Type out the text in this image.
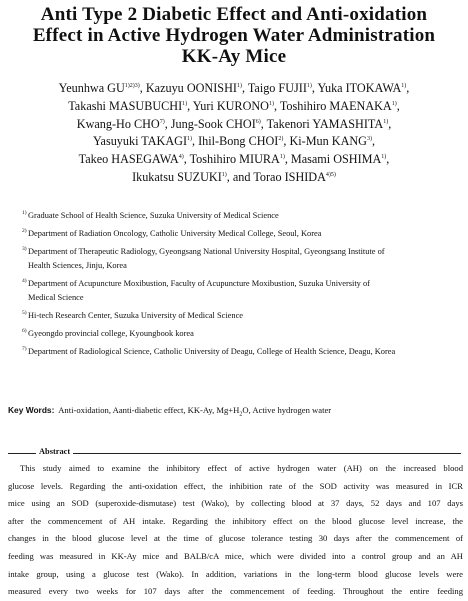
Anti Type 2 Diabetic Effect and Anti-oxidation
Effect in Active Hydrogen Water Administration
KK-Ay Mice
Yeunhwa $GU^{1)2)3)}$, Kazuyu OONISHI$^{1)}$, Taigo FUJII$^{1)}$, Yuka ITOKAWA$^{1)}$,
Takashi MASUBUCHI$^{1)}$, Yuri KURONO$^{1)}$, Toshihiro MAENAKA$^{1)}$,
Kwang-Ho CHO$^{7)}$, Jung-Sook CHOI$^{6)}$, Takenori YAMASHITA$^{1)}$,
Yasuyuki TAKAGI$^{1)}$, Ihil-Bong CHOI$^{2)}$, Ki-Mun KANG$^{3)}$,
Takeo HASEGAWA$^{4)}$, Toshihiro MIURA$^{1)}$, Masami OSHIMA$^{1)}$,
Ikukatsu SUZUKI$^{1)}$, and Torao $ISHIDA^{4)5)}$
1) Graduate School of Health Science, Suzuka University of Medical Science
2) Department of Radiation Oncology, Catholic University Medical College, Seoul, Korea
3) Department of Therapeutic Radiology, Gyeongsang National University Hospital, Gyeongsang Institute of
Health Sciences, Jinju, Korea
4) Department of Acupuncture Moxibustion, Faculty of Acupuncture Moxibustion, Suzuka University of
Medical Science
5) Hi-tech Research Center, Suzuka University of Medical Science
6) Gyeongdo provincial college, Kyoungbook korea
7) Department of Radiological Science, Catholic University of Deagu, College of Health Science, Deagu, Korea
Key Words: Anti-oxidation, Aanti-diabetic effect, KK-Ay, $Mg+H_2O$, Active hydrogen water
Abstract
This study aimed to examine the inhibitory effect of active hydrogen water (AH) on the increased blood
glucose levels. Regarding the anti-oxidation effect, the inhibition rate of the SOD activity was measured in ICR
mice using an SOD (superoxide-dismutase) test (Wako), by collecting blood at 37 days, 52 days and 107 days
after the commencement of AH intake. Regarding the inhibitory effect on the blood glucose level increase, the
changes in the blood glucose level at the time of glucose tolerance testing 30 days after the commencement of
feeding was measured in KK-Ay mice and BALB/cA mice, which were divided into a control group and an AH
intake group, using a glucose test (Wako). In addition, variations in the long-term blood glucose levels were
measured every two weeks for 107 days after the commencement of feeding. Throughout the entire feeding
